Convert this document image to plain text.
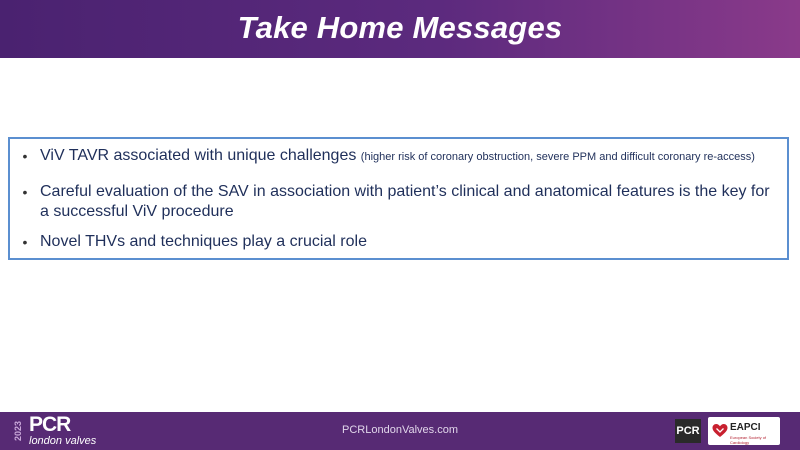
Take Home Messages
• ViV TAVR associated with unique challenges (higher risk of coronary obstruction, severe PPM and difficult coronary re-access)
• Careful evaluation of the SAV in association with patient’s clinical and anatomical features is the key for a successful ViV procedure
• Novel THVs and techniques play a crucial role
2023 PCR
london valves
PCRLondonValves.com	PCR	EAPCI
European Society of Cardiology
